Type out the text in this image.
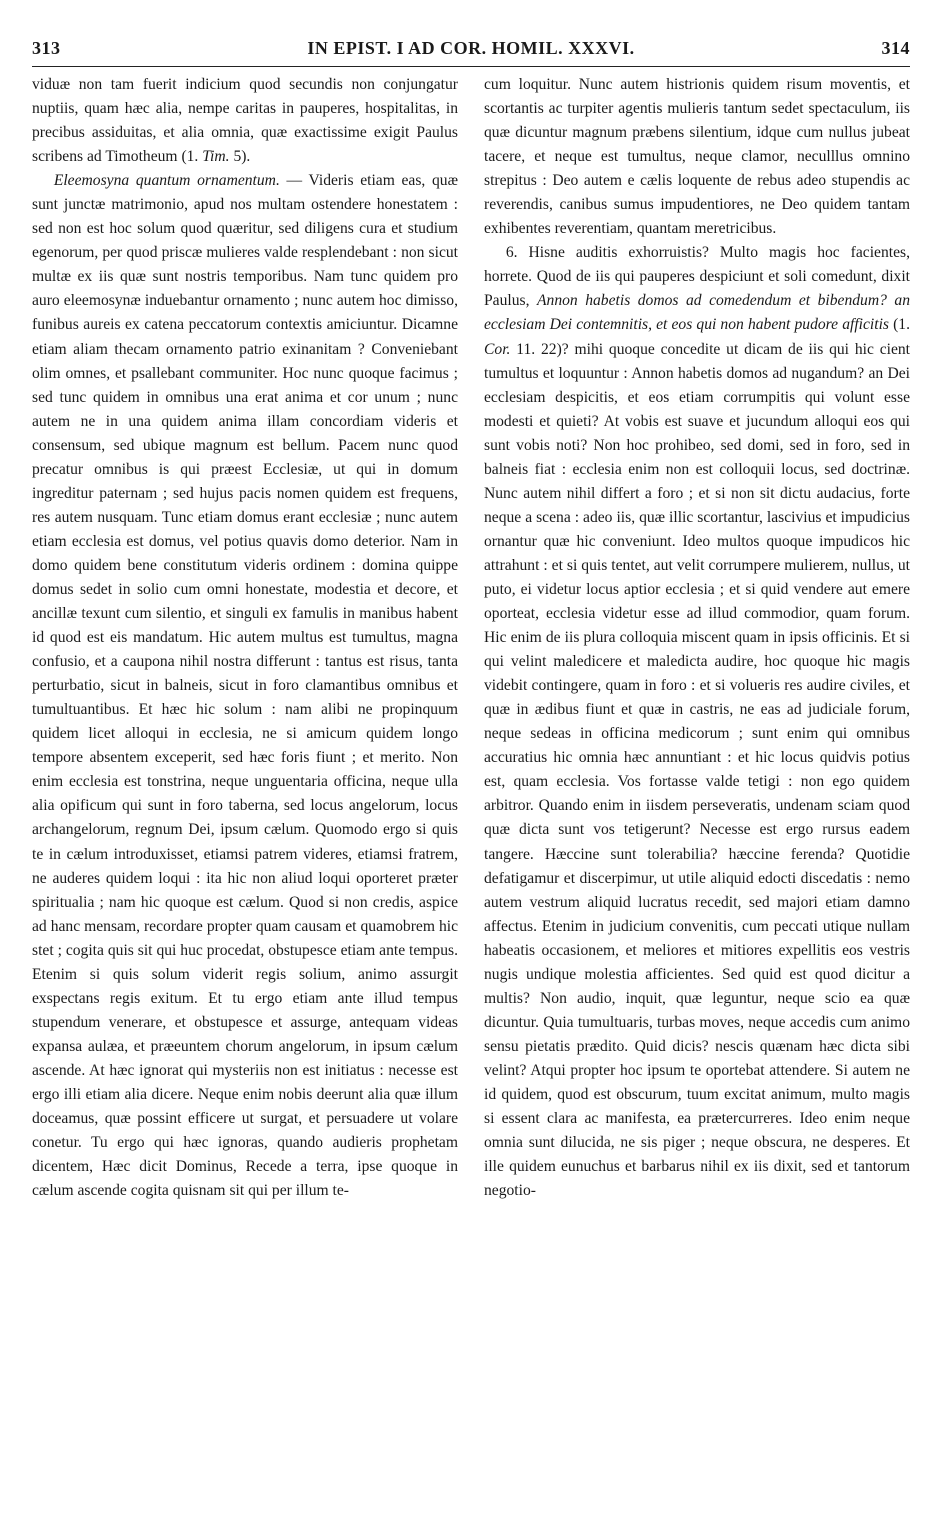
313	IN EPIST. I AD COR. HOMIL. XXXVI.	314

viduæ non tam fuerit indicium quod secundis non conjungatur nuptiis, quam hæc alia, nempe caritas in pauperes, hospitalitas, in precibus assiduitas, et alia omnia, quæ exactissime exigit Paulus scribens ad Timotheum (1. Tim. 5).

Eleemosyna quantum ornamentum. — Videris etiam eas, quæ sunt junctæ matrimonio, apud nos multam ostendere honestatem : sed non est hoc solum quod quæritur, sed diligens cura et studium egenorum, per quod priscæ mulieres valde resplendebant : non sicut multæ ex iis quæ sunt nostris temporibus. Nam tunc quidem pro auro eleemosynæ induebantur ornamento ; nunc autem hoc dimisso, funibus aureis ex catena peccatorum contextis amiciuntur. Dicamne etiam aliam thecam ornamento patrio exinanitam ? Conveniebant olim omnes, et psallebant communiter. Hoc nunc quoque facimus ; sed tunc quidem in omnibus una erat anima et cor unum ; nunc autem ne in una quidem anima illam concordiam videris et consensum, sed ubique magnum est bellum. Pacem nunc quod precatur omnibus is qui præest Ecclesiæ, ut qui in domum ingreditur paternam ; sed hujus pacis nomen quidem est frequens, res autem nusquam. Tunc etiam domus erant ecclesiæ ; nunc autem etiam ecclesia est domus, vel potius quavis domo deterior. Nam in domo quidem bene constitutum videris ordinem : domina quippe domus sedet in solio cum omni honestate, modestia et decore, et ancillæ texunt cum silentio, et singuli ex famulis in manibus habent id quod est eis mandatum. Hic autem multus est tumultus, magna confusio, et a caupona nihil nostra differunt : tantus est risus, tanta perturbatio, sicut in balneis, sicut in foro clamantibus omnibus et tumultuantibus. Et hæc hic solum : nam alibi ne propinquum quidem licet alloqui in ecclesia, ne si amicum quidem longo tempore absentem exceperit, sed hæc foris fiunt ; et merito. Non enim ecclesia est tonstrina, neque unguentaria officina, neque ulla alia opificum qui sunt in foro taberna, sed locus angelorum, locus archangelorum, regnum Dei, ipsum cælum. Quomodo ergo si quis te in cælum introduxisset, etiamsi patrem videres, etiamsi fratrem, ne auderes quidem loqui : ita hic non aliud loqui oporteret præter spiritualia ; nam hic quoque est cælum. Quod si non credis, aspice ad hanc mensam, recordare propter quam causam et quamobrem hic stet ; cogita quis sit qui huc procedat, obstupesce etiam ante tempus. Etenim si quis solum viderit regis solium, animo assurgit exspectans regis exitum. Et tu ergo etiam ante illud tempus stupendum venerare, et obstupesce et assurge, antequam videas expansa aulæa, et præeuntem chorum angelorum, in ipsum cælum ascende. At hæc ignorat qui mysteriis non est initiatus : necesse est ergo illi etiam alia dicere. Neque enim nobis deerunt alia quæ illum doceamus, quæ possint efficere ut surgat, et persuadere ut volare conetur. Tu ergo qui hæc ignoras, quando audieris prophetam dicentem, Hæc dicit Dominus, Recede a terra, ipse quoque in cælum ascende cogita quisnam sit qui per illum te-

cum loquitur. Nunc autem histrionis quidem risum moventis, et scortantis ac turpiter agentis mulieris tantum sedet spectaculum, iis quæ dicuntur magnum præbens silentium, idque cum nullus jubeat tacere, et neque est tumultus, neque clamor, neculllus omnino strepitus : Deo autem e cælis loquente de rebus adeo stupendis ac reverendis, canibus sumus impudentiores, ne Deo quidem tantam exhibentes reverentiam, quantam meretricibus.

6. Hisne auditis exhorruistis? Multo magis hoc facientes, horrete. Quod de iis qui pauperes despiciunt et soli comedunt, dixit Paulus, Annon habetis domos ad comedendum et bibendum? an ecclesiam Dei contemnitis, et eos qui non habent pudore afficitis (1. Cor. 11. 22)? mihi quoque concedite ut dicam de iis qui hic cient tumultus et loquuntur : Annon habetis domos ad nugandum? an Dei ecclesiam despicitis, et eos etiam corrumpitis qui volunt esse modesti et quieti? At vobis est suave et jucundum alloqui eos qui sunt vobis noti? Non hoc prohibeo, sed domi, sed in foro, sed in balneis fiat : ecclesia enim non est colloquii locus, sed doctrinæ. Nunc autem nihil differt a foro ; et si non sit dictu audacius, forte neque a scena : adeo iis, quæ illic scortantur, lascivius et impudicius ornantur quæ hic conveniunt. Ideo multos quoque impudicos hic attrahunt : et si quis tentet, aut velit corrumpere mulierem, nullus, ut puto, ei videtur locus aptior ecclesia ; et si quid vendere aut emere oporteat, ecclesia videtur esse ad illud commodior, quam forum. Hic enim de iis plura colloquia miscent quam in ipsis officinis. Et si qui velint maledicere et maledicta audire, hoc quoque hic magis videbit contingere, quam in foro : et si volueris res audire civiles, et quæ in ædibus fiunt et quæ in castris, ne eas ad judiciale forum, neque sedeas in officina medicorum ; sunt enim qui omnibus accuratius hic omnia hæc annuntiant : et hic locus quidvis potius est, quam ecclesia. Vos fortasse valde tetigi : non ego quidem arbitror. Quando enim in iisdem perseveratis, undenam sciam quod quæ dicta sunt vos tetigerunt? Necesse est ergo rursus eadem tangere. Hæccine sunt tolerabilia? hæccine ferenda? Quotidie defatigamur et discerpimur, ut utile aliquid edocti discedatis : nemo autem vestrum aliquid lucratus recedit, sed majori etiam damno affectus. Etenim in judicium convenitis, cum peccati utique nullam habeatis occasionem, et meliores et mitiores expellitis eos vestris nugis undique molestia afficientes. Sed quid est quod dicitur a multis? Non audio, inquit, quæ leguntur, neque scio ea quæ dicuntur. Quia tumultuaris, turbas moves, neque accedis cum animo sensu pietatis prædito. Quid dicis? nescis quænam hæc dicta sibi velint? Atqui propter hoc ipsum te oportebat attendere. Si autem ne id quidem, quod est obscurum, tuum excitat animum, multo magis si essent clara ac manifesta, ea prætercurreres. Ideo enim neque omnia sunt dilucida, ne sis piger ; neque obscura, ne desperes. Et ille quidem eunuchus et barbarus nihil ex iis dixit, sed et tantorum negotio-
